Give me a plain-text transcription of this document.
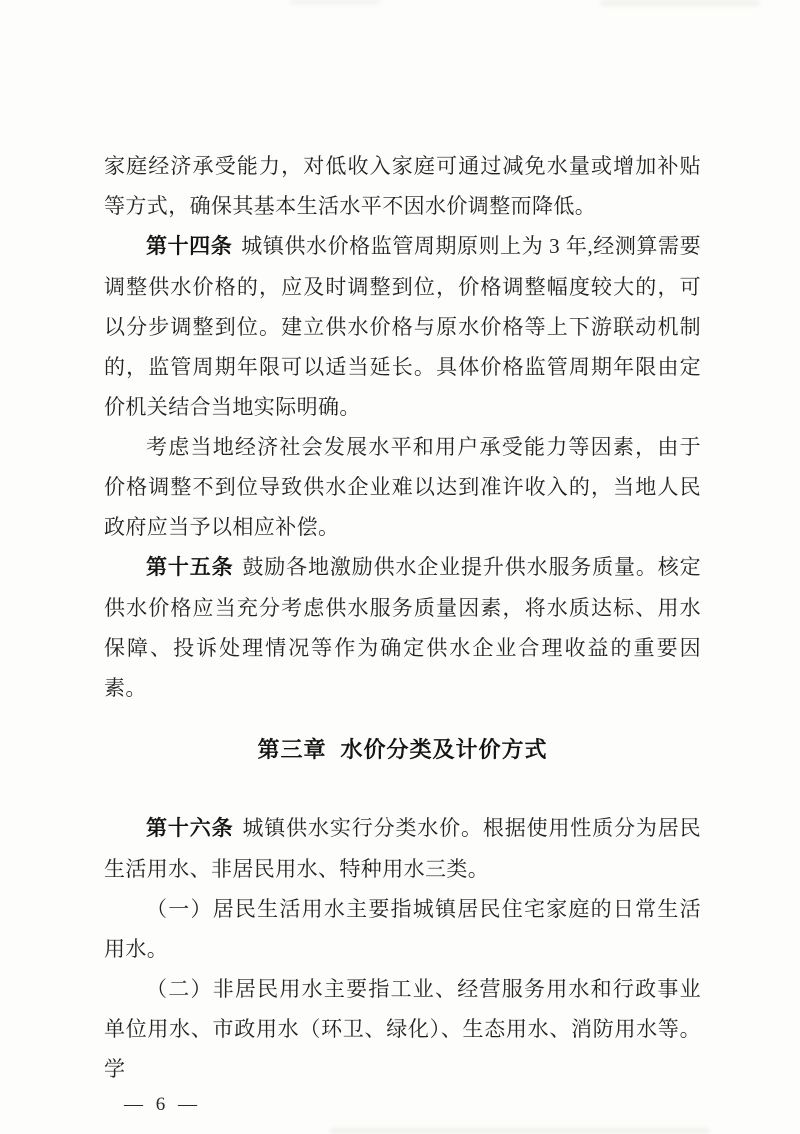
家庭经济承受能力，对低收入家庭可通过减免水量或增加补贴等方式，确保其基本生活水平不因水价调整而降低。

第十四条 城镇供水价格监管周期原则上为 3 年,经测算需要调整供水价格的，应及时调整到位，价格调整幅度较大的，可以分步调整到位。建立供水价格与原水价格等上下游联动机制的，监管周期年限可以适当延长。具体价格监管周期年限由定价机关结合当地实际明确。

考虑当地经济社会发展水平和用户承受能力等因素，由于价格调整不到位导致供水企业难以达到准许收入的，当地人民政府应当予以相应补偿。

第十五条 鼓励各地激励供水企业提升供水服务质量。核定供水价格应当充分考虑供水服务质量因素，将水质达标、用水保障、投诉处理情况等作为确定供水企业合理收益的重要因素。

第三章 水价分类及计价方式

第十六条 城镇供水实行分类水价。根据使用性质分为居民生活用水、非居民用水、特种用水三类。

（一）居民生活用水主要指城镇居民住宅家庭的日常生活用水。

（二）非居民用水主要指工业、经营服务用水和行政事业单位用水、市政用水（环卫、绿化）、生态用水、消防用水等。学

— 6 —
